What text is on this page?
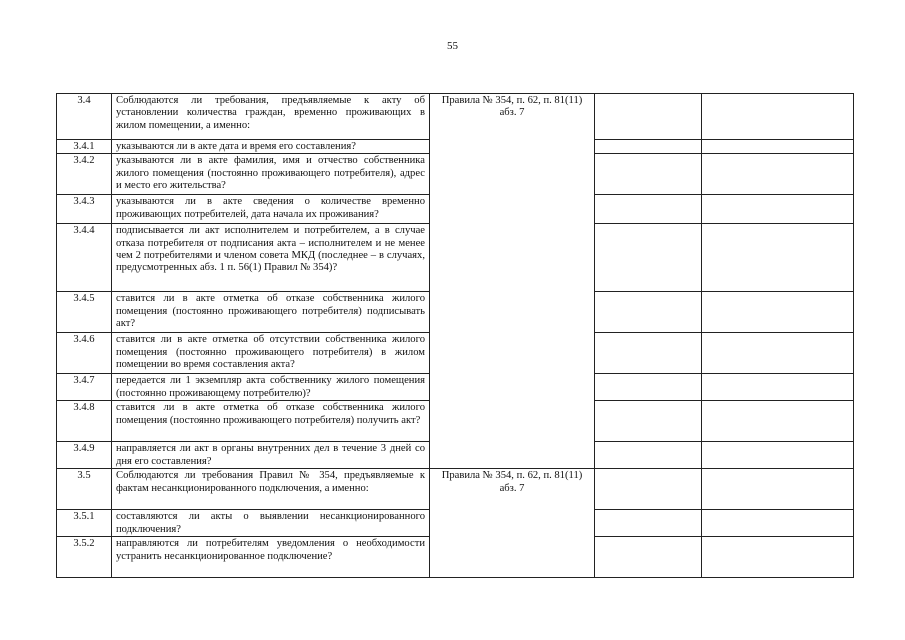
55
3.4	Соблюдаются ли требования, предъявляемые к акту об установлении количества граждан, временно проживающих в жилом помещении, а именно:	Правила № 354, п. 62, п. 81(11) абз. 7		
3.4.1	указываются ли в акте дата и время его составления?			
3.4.2	указываются ли в акте фамилия, имя и отчество собственника жилого помещения (постоянно проживающего потребителя), адрес и место его жительства?			
3.4.3	указываются ли в акте сведения о количестве временно проживающих потребителей, дата начала их проживания?			
3.4.4	подписывается ли акт исполнителем и потребителем, а в случае отказа потребителя от подписания акта – исполнителем и не менее чем 2 потребителями и членом совета МКД (последнее – в случаях, предусмотренных абз. 1 п. 56(1) Правил № 354)?			
3.4.5	ставится ли в акте отметка об отказе собственника жилого помещения (постоянно проживающего потребителя) подписывать акт?			
3.4.6	ставится ли в акте отметка об отсутствии собственника жилого помещения (постоянно проживающего потребителя) в жилом помещении во время составления акта?			
3.4.7	передается ли 1 экземпляр акта собственнику жилого помещения (постоянно проживающему потребителю)?			
3.4.8	ставится ли в акте отметка об отказе собственника жилого помещения (постоянно проживающего потребителя) получить акт?			
3.4.9	направляется ли акт в органы внутренних дел в течение 3 дней со дня его составления?			
3.5	Соблюдаются ли требования Правил № 354, предъявляемые к фактам несанкционированного подключения, а именно:	Правила № 354, п. 62, п. 81(11) абз. 7		
3.5.1	составляются ли акты о выявлении несанкционированного подключения?			
3.5.2	направляются ли потребителям уведомления о необходимости устранить несанкционированное подключение?			
